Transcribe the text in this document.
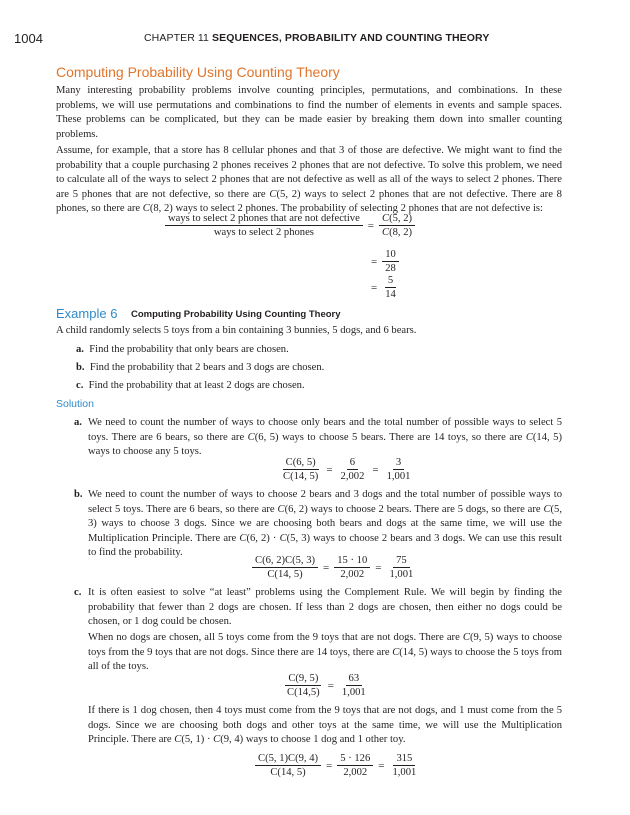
1004	CHAPTER 11 SEQUENCES, PROBABILITY AND COUNTING THEORY
Computing Probability Using Counting Theory

Many interesting probability problems involve counting principles, permutations, and combinations. In these problems, we will use permutations and combinations to find the number of elements in events and sample spaces. These problems can be complicated, but they can be made easier by breaking them down into smaller counting problems.

Assume, for example, that a store has 8 cellular phones and that 3 of those are defective. We might want to find the probability that a couple purchasing 2 phones receives 2 phones that are not defective. To solve this problem, we need to calculate all of the ways to select 2 phones that are not defective as well as all of the ways to select 2 phones. There are 5 phones that are not defective, so there are C(5, 2) ways to select 2 phones that are not defective. There are 8 phones, so there are C(8, 2) ways to select 2 phones. The probability of selecting 2 phones that are not defective is:

$\frac{\text{ways to select 2 phones that are not defective}}{\text{ways to select 2 phones}} = \frac{C(5, 2)}{C(8, 2)}$
= $\frac{10}{28}$
= $\frac{5}{14}$
Example 6 Computing Probability Using Counting Theory

A child randomly selects 5 toys from a bin containing 3 bunnies, 5 dogs, and 6 bears.

a. Find the probability that only bears are chosen.

b. Find the probability that 2 bears and 3 dogs are chosen.

c. Find the probability that at least 2 dogs are chosen.

Solution
a. We need to count the number of ways to choose only bears and the total number of possible ways to select 5 toys. There are 6 bears, so there are C(6, 5) ways to choose 5 bears. There are 14 toys, so there are C(14, 5) ways to choose any 5 toys.

$\frac{C(6, 5)}{C(14, 5)} = \frac{6}{2,002} = \frac{3}{1,001}$
b. We need to count the number of ways to choose 2 bears and 3 dogs and the total number of possible ways to select 5 toys. There are 6 bears, so there are C(6, 2) ways to choose 2 bears. There are 5 dogs, so there are C(5, 3) ways to choose 3 dogs. Since we are choosing both bears and dogs at the same time, we will use the Multiplication Principle. There are C(6, 2) · C(5, 3) ways to choose 2 bears and 3 dogs. We can use this result to find the probability.

$\frac{C(6, 2)C(5, 3)}{C(14, 5)} = \frac{15 \cdot 10}{2,002} = \frac{75}{1,001}$
c. It is often easiest to solve “at least” problems using the Complement Rule. We will begin by finding the probability that fewer than 2 dogs are chosen. If less than 2 dogs are chosen, then either no dogs could be chosen, or 1 dog could be chosen.

When no dogs are chosen, all 5 toys come from the 9 toys that are not dogs. There are C(9, 5) ways to choose toys from the 9 toys that are not dogs. Since there are 14 toys, there are C(14, 5) ways to choose the 5 toys from all of the toys.

$\frac{C(9, 5)}{C(14,5)} = \frac{63}{1,001}$

If there is 1 dog chosen, then 4 toys must come from the 9 toys that are not dogs, and 1 must come from the 5 dogs. Since we are choosing both dogs and other toys at the same time, we will use the Multiplication Principle. There are C(5, 1) · C(9, 4) ways to choose 1 dog and 1 other toy.

$\frac{C(5, 1)C(9, 4)}{C(14, 5)} = \frac{5 \cdot 126}{2,002} = \frac{315}{1,001}$
